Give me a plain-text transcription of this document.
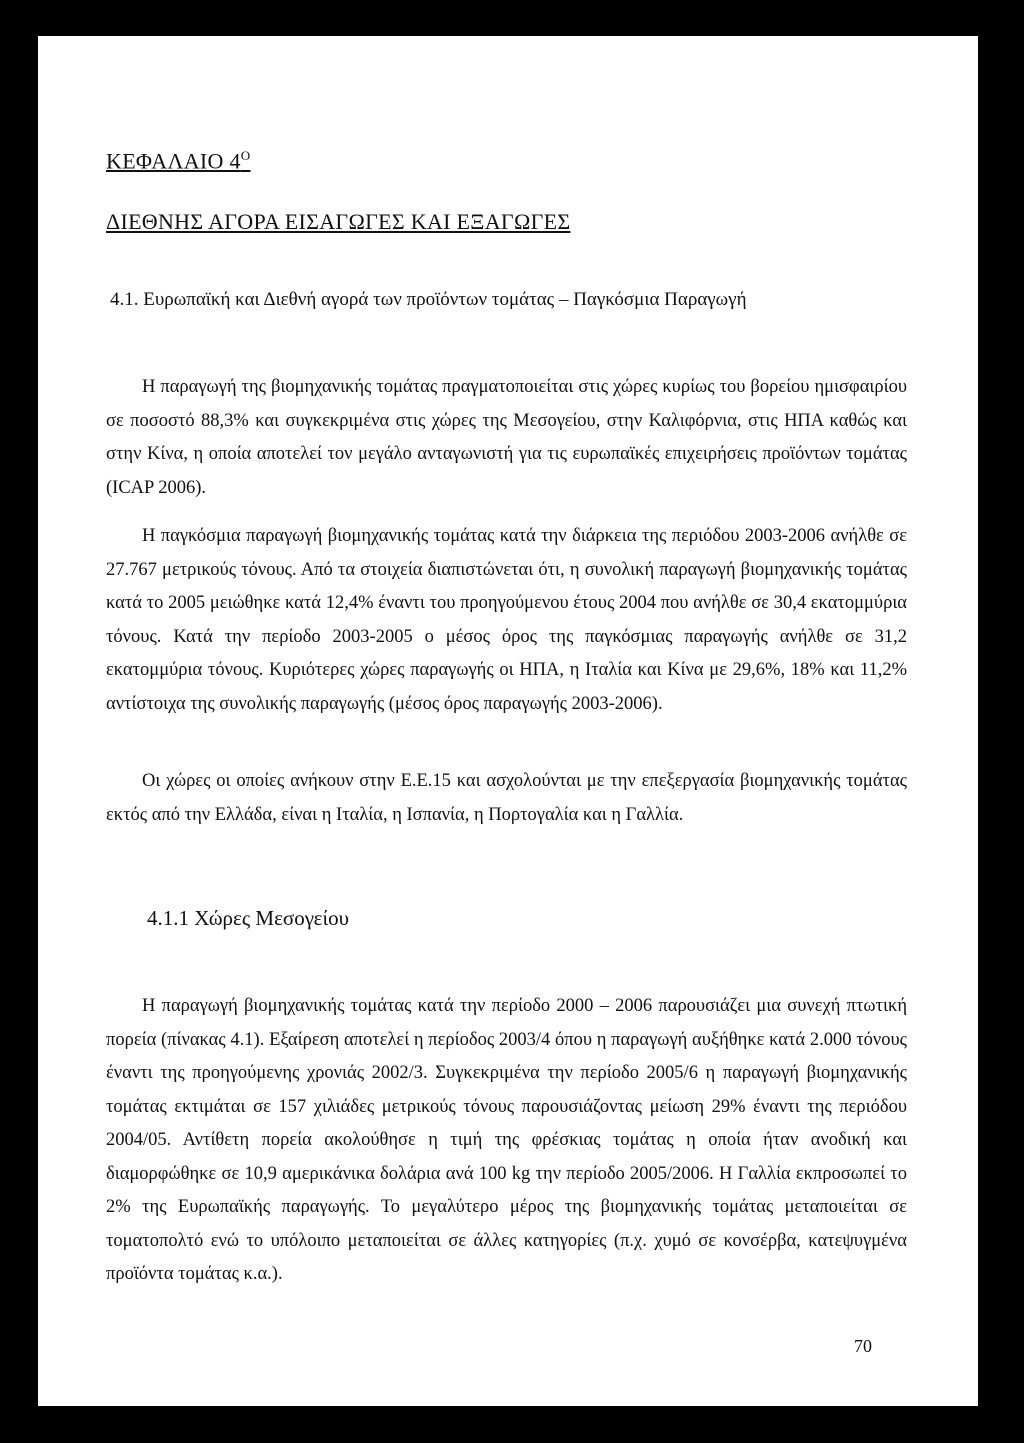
ΚΕΦΑΛΑΙΟ $4^O$
ΔΙΕΘΝΗΣ ΑΓΟΡΑ ΕΙΣΑΓΩΓΕΣ ΚΑΙ ΕΞΑΓΩΓΕΣ
4.1. Ευρωπαϊκή και Διεθνή αγορά των προϊόντων τομάτας – Παγκόσμια Παραγωγή

Η παραγωγή της βιομηχανικής τομάτας πραγματοποιείται στις χώρες κυρίως του βορείου ημισφαιρίου σε ποσοστό 88,3% και συγκεκριμένα στις χώρες της Μεσογείου, στην Καλιφόρνια, στις ΗΠΑ καθώς και στην Κίνα, η οποία αποτελεί τον μεγάλο ανταγωνιστή για τις ευρωπαϊκές επιχειρήσεις προϊόντων τομάτας (ICAP 2006).

Η παγκόσμια παραγωγή βιομηχανικής τομάτας κατά την διάρκεια της περιόδου 2003-2006 ανήλθε σε 27.767 μετρικούς τόνους. Από τα στοιχεία διαπιστώνεται ότι, η συνολική παραγωγή βιομηχανικής τομάτας κατά το 2005 μειώθηκε κατά 12,4% έναντι του προηγούμενου έτους 2004 που ανήλθε σε 30,4 εκατομμύρια τόνους. Κατά την περίοδο 2003-2005 ο μέσος όρος της παγκόσμιας παραγωγής ανήλθε σε 31,2 εκατομμύρια τόνους. Κυριότερες χώρες παραγωγής οι ΗΠΑ, η Ιταλία και Κίνα με 29,6%, 18% και 11,2% αντίστοιχα της συνολικής παραγωγής (μέσος όρος παραγωγής 2003-2006).

Οι χώρες οι οποίες ανήκουν στην Ε.Ε.15 και ασχολούνται με την επεξεργασία βιομηχανικής τομάτας εκτός από την Ελλάδα, είναι η Ιταλία, η Ισπανία, η Πορτογαλία και η Γαλλία.

4.1.1 Χώρες Μεσογείου

Η παραγωγή βιομηχανικής τομάτας κατά την περίοδο 2000 – 2006 παρουσιάζει μια συνεχή πτωτική πορεία (πίνακας 4.1). Εξαίρεση αποτελεί η περίοδος 2003/4 όπου η παραγωγή αυξήθηκε κατά 2.000 τόνους έναντι της προηγούμενης χρονιάς 2002/3. Συγκεκριμένα την περίοδο 2005/6 η παραγωγή βιομηχανικής τομάτας εκτιμάται σε 157 χιλιάδες μετρικούς τόνους παρουσιάζοντας μείωση 29% έναντι της περιόδου 2004/05. Αντίθετη πορεία ακολούθησε η τιμή της φρέσκιας τομάτας η οποία ήταν ανοδική και διαμορφώθηκε σε 10,9 αμερικάνικα δολάρια ανά 100 kg την περίοδο 2005/2006. Η Γαλλία εκπροσωπεί το 2% της Ευρωπαϊκής παραγωγής. Το μεγαλύτερο μέρος της βιομηχανικής τομάτας μεταποιείται σε τοματοπολτό ενώ το υπόλοιπο μεταποιείται σε άλλες κατηγορίες (π.χ. χυμό σε κονσέρβα, κατεψυγμένα προϊόντα τομάτας κ.α.).

70
